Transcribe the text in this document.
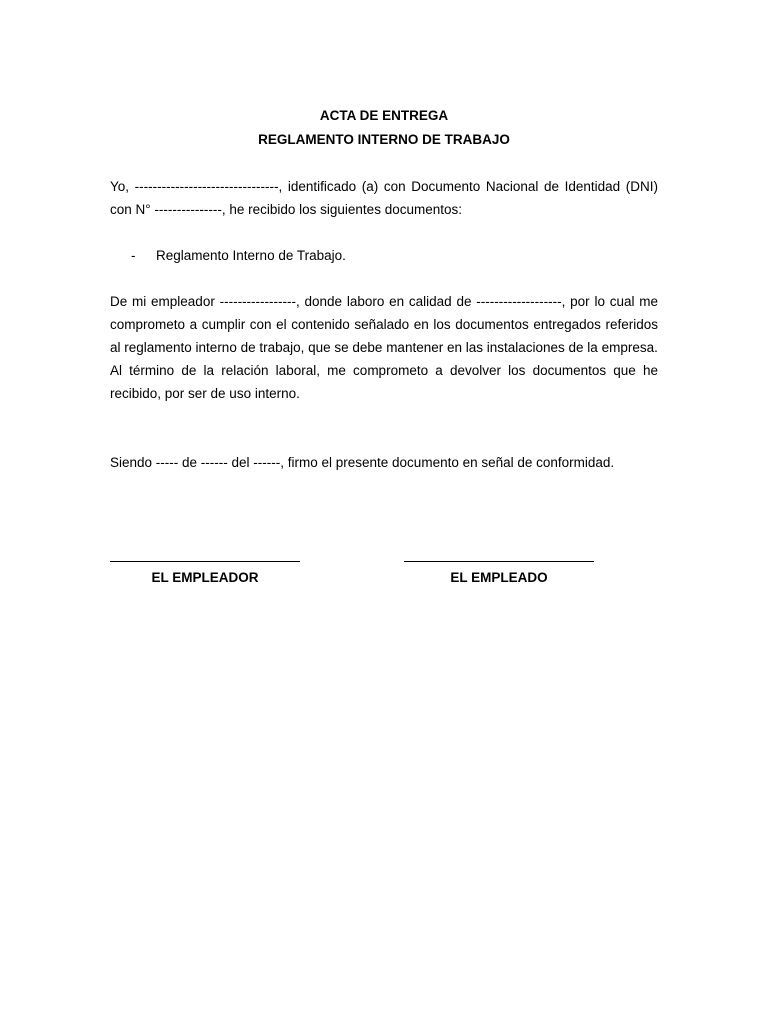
ACTA DE ENTREGA
REGLAMENTO INTERNO DE TRABAJO

Yo, --------------------------------, identificado (a) con Documento Nacional de Identidad (DNI) con N° ---------------, he recibido los siguientes documentos:

- Reglamento Interno de Trabajo.
De mi empleador -----------------, donde laboro en calidad de -------------------, por lo cual me comprometo a cumplir con el contenido señalado en los documentos entregados referidos al reglamento interno de trabajo, que se debe mantener en las instalaciones de la empresa.
Al término de la relación laboral, me comprometo a devolver los documentos que he recibido, por ser de uso interno.

Siendo ----- de ------ del ------, firmo el presente documento en señal de conformidad.

EL EMPLEADOR	EL EMPLEADO
